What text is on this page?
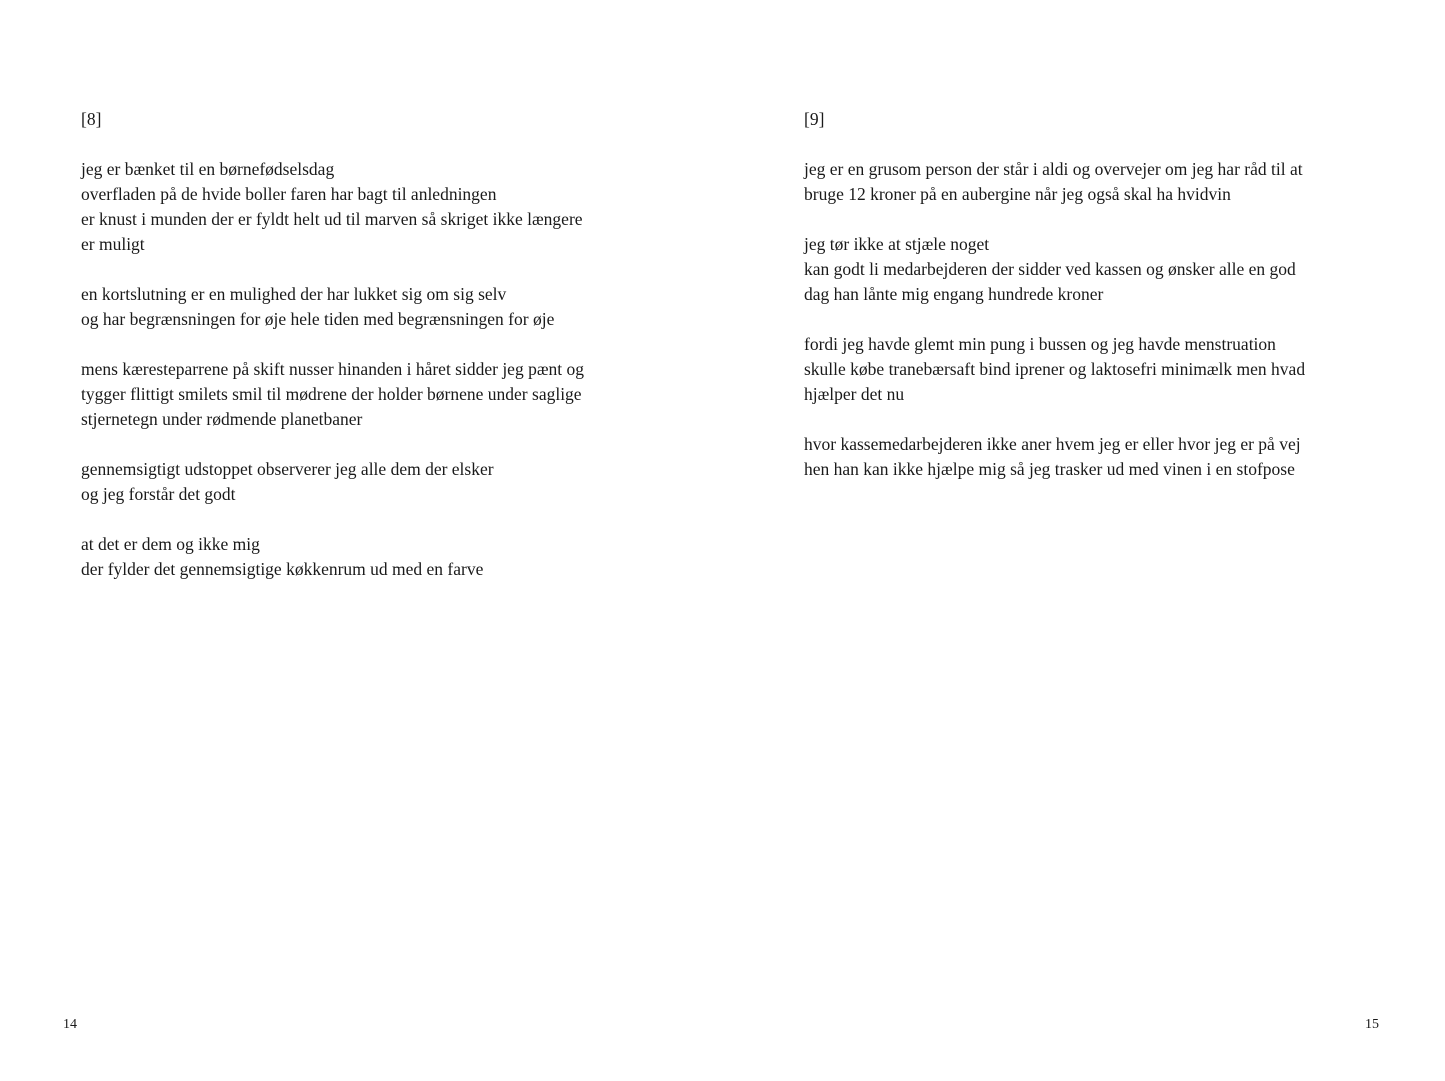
[8]
jeg er bænket til en børnefødselsdag
overfladen på de hvide boller faren har bagt til anledningen
er knust i munden der er fyldt helt ud til marven så skriget ikke længere
er muligt
en kortslutning er en mulighed der har lukket sig om sig selv
og har begrænsningen for øje hele tiden med begrænsningen for øje
mens kæresteparrene på skift nusser hinanden i håret sidder jeg pænt og
tygger flittigt smilets smil til mødrene der holder børnene under saglige
stjernetegn under rødmende planetbaner
gennemsigtigt udstoppet observerer jeg alle dem der elsker
og jeg forstår det godt
at det er dem og ikke mig
der fylder det gennemsigtige køkkenrum ud med en farve
14
[9]
jeg er en grusom person der står i aldi og overvejer om jeg har råd til at
bruge 12 kroner på en aubergine når jeg også skal ha hvidvin
jeg tør ikke at stjæle noget
kan godt li medarbejderen der sidder ved kassen og ønsker alle en god
dag han lånte mig engang hundrede kroner
fordi jeg havde glemt min pung i bussen og jeg havde menstruation
skulle købe tranebærsaft bind iprener og laktosefri minimælk men hvad
hjælper det nu
hvor kassemedarbejderen ikke aner hvem jeg er eller hvor jeg er på vej
hen han kan ikke hjælpe mig så jeg trasker ud med vinen i en stofpose
15
